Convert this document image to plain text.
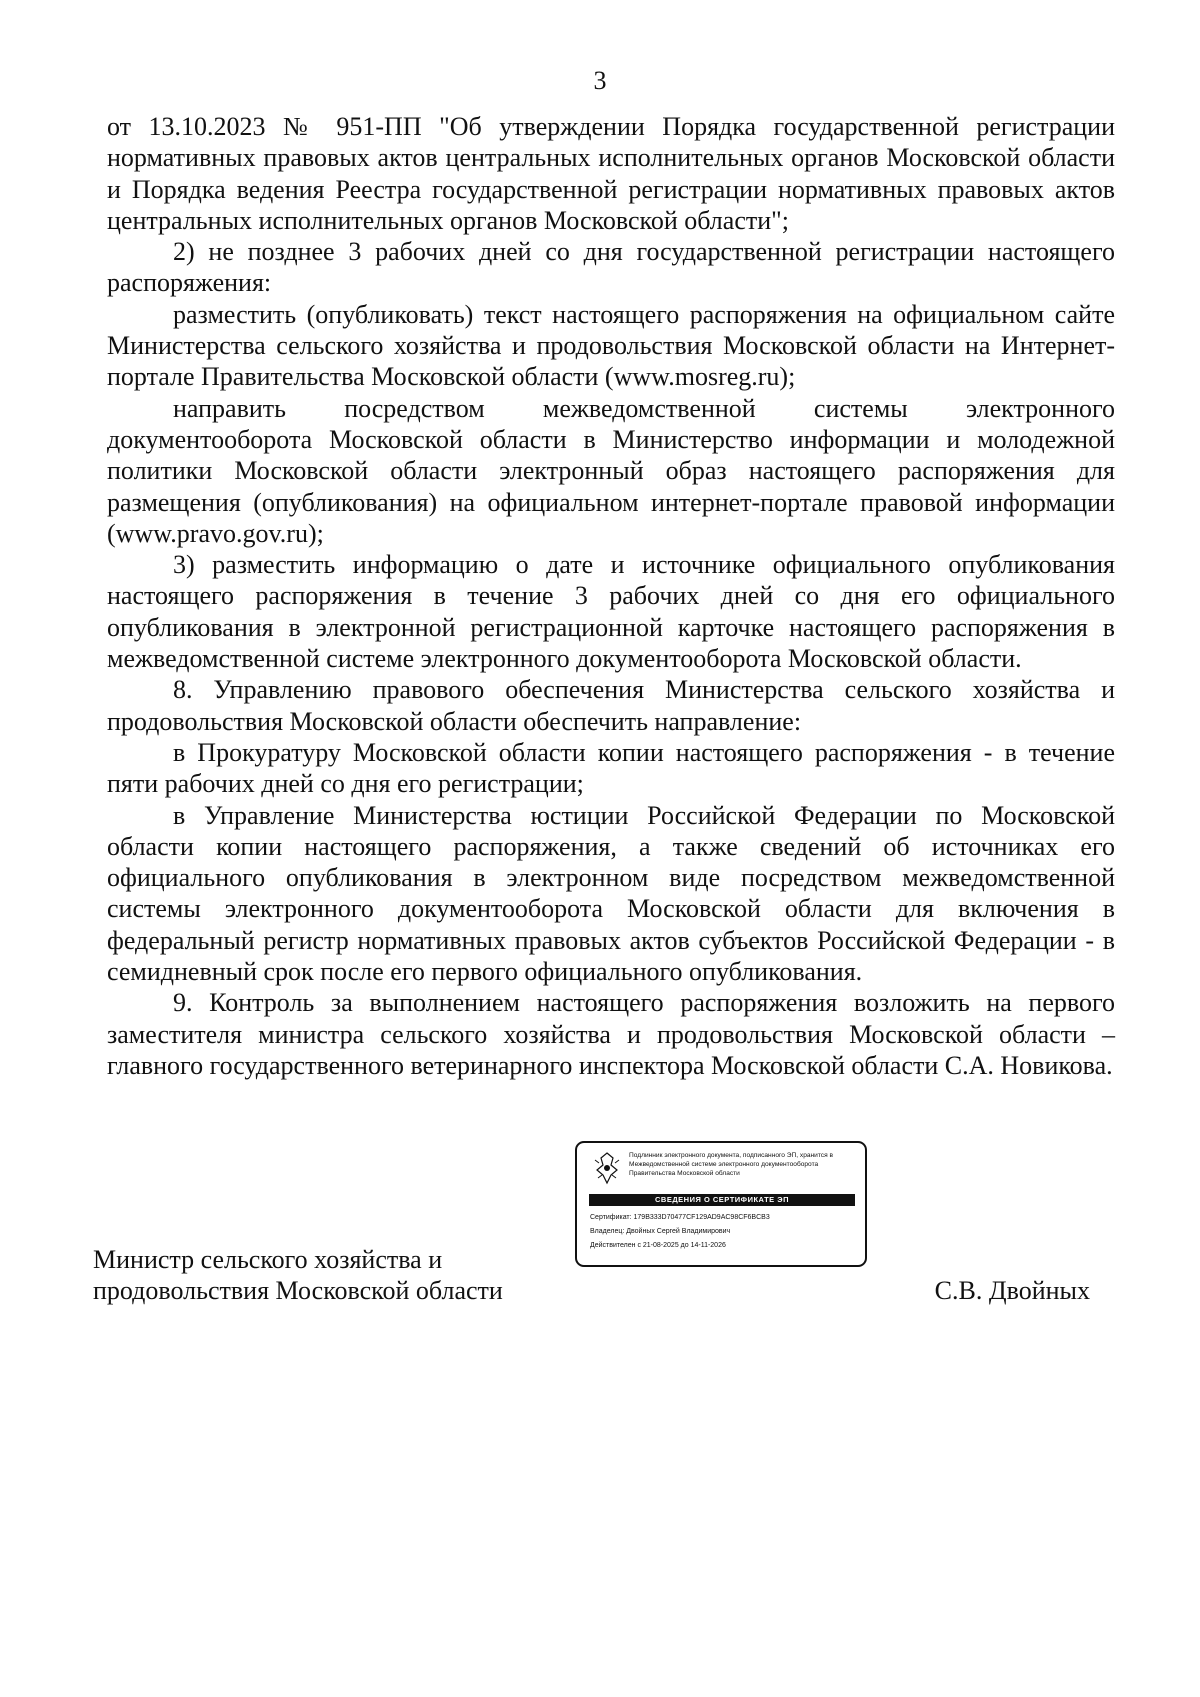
3

от 13.10.2023 № 951-ПП "Об утверждении Порядка государственной регистрации нормативных правовых актов центральных исполнительных органов Московской области и Порядка ведения Реестра государственной регистрации нормативных правовых актов центральных исполнительных органов Московской области";

2) не позднее 3 рабочих дней со дня государственной регистрации настоящего распоряжения:

разместить (опубликовать) текст настоящего распоряжения на официальном сайте Министерства сельского хозяйства и продовольствия Московской области на Интернет-портале Правительства Московской области (www.mosreg.ru);

направить посредством межведомственной системы электронного документооборота Московской области в Министерство информации и молодежной политики Московской области электронный образ настоящего распоряжения для размещения (опубликования) на официальном интернет-портале правовой информации (www.pravo.gov.ru);

3) разместить информацию о дате и источнике официального опубликования настоящего распоряжения в течение 3 рабочих дней со дня его официального опубликования в электронной регистрационной карточке настоящего распоряжения в межведомственной системе электронного документооборота Московской области.

8. Управлению правового обеспечения Министерства сельского хозяйства и продовольствия Московской области обеспечить направление:

в Прокуратуру Московской области копии настоящего распоряжения - в течение пяти рабочих дней со дня его регистрации;

в Управление Министерства юстиции Российской Федерации по Московской области копии настоящего распоряжения, а также сведений об источниках его официального опубликования в электронном виде посредством межведомственной системы электронного документооборота Московской области для включения в федеральный регистр нормативных правовых актов субъектов Российской Федерации - в семидневный срок после его первого официального опубликования.

9. Контроль за выполнением настоящего распоряжения возложить на первого заместителя министра сельского хозяйства и продовольствия Московской области – главного государственного ветеринарного инспектора Московской области С.А. Новикова.

Подлинник электронного документа, подписанного ЭП, хранится в Межведомственной системе электронного документооборота Правительства Московской области
СВЕДЕНИЯ О СЕРТИФИКАТЕ ЭП
Сертификат: 179B333D70477CF129AD9AC98CF6BCB3
Владелец: Двойных Сергей Владимирович
Действителен с 21-08-2025 до 14-11-2026
Министр сельского хозяйства и
продовольствия Московской области	С.В. Двойных
